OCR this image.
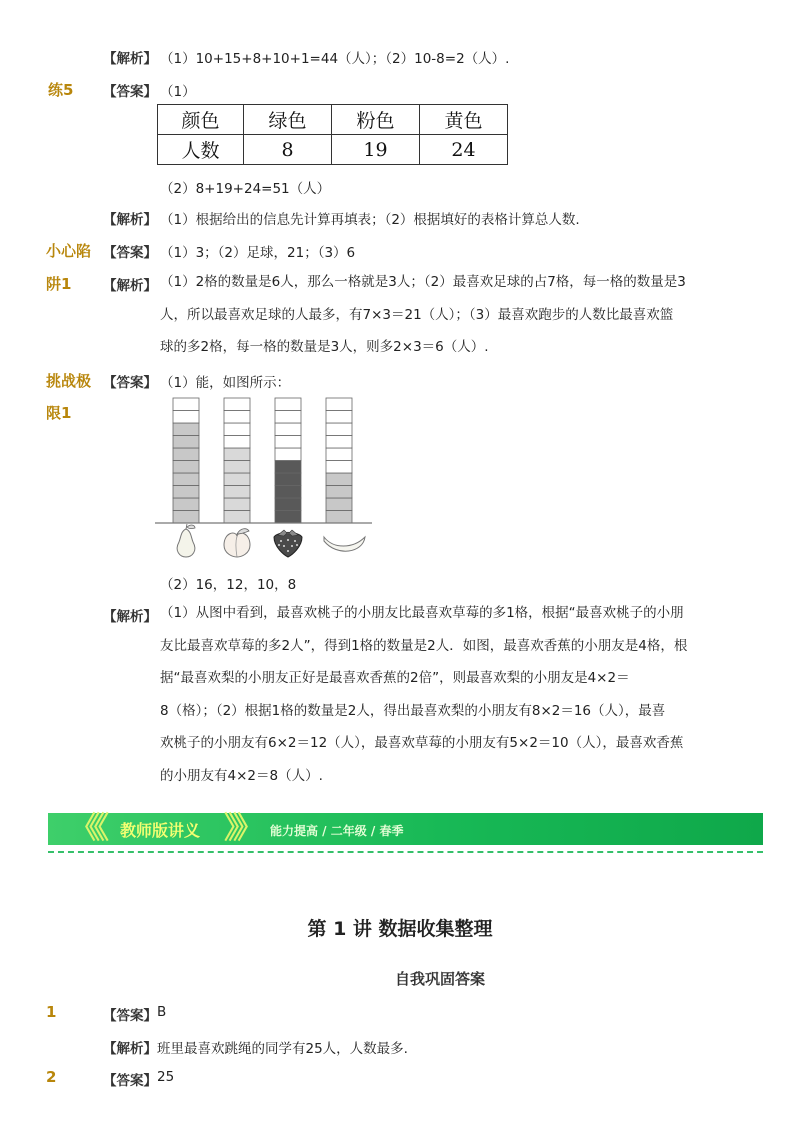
【解析】 （1）10+15+8+10+1=44（人）；（2）10-8=2（人）.
练5 【答案】 （1）
颜色	绿色	粉色	黄色
人数	8	19	24
（2）8+19+24=51（人）
【解析】 （1）根据给出的信息先计算再填表；（2）根据填好的表格计算总人数.
小心陷
阱1
【答案】 （1）3；（2）足球，21；（3）6
【解析】 （1）2格的数量是6人，那么一格就是3人；（2）最喜欢足球的占7格，每一格的数量是3
人，所以最喜欢足球的人最多，有7×3＝21（人）；（3）最喜欢跑步的人数比最喜欢篮
球的多2格，每一格的数量是3人，则多2×3＝6（人）.
挑战极
限1
【答案】 （1）能，如图所示：
（2）16，12，10，8
【解析】 （1）从图中看到，最喜欢桃子的小朋友比最喜欢草莓的多1格，根据“最喜欢桃子的小朋
友比最喜欢草莓的多2人”，得到1格的数量是2人．如图，最喜欢香蕉的小朋友是4格，根
据“最喜欢梨的小朋友正好是最喜欢香蕉的2倍”，则最喜欢梨的小朋友是4×2＝
8（格）；（2）根据1格的数量是2人，得出最喜欢梨的小朋友有8×2＝16（人），最喜
欢桃子的小朋友有6×2＝12（人），最喜欢草莓的小朋友有5×2＝10（人），最喜欢香蕉
的小朋友有4×2＝8（人）.
《《 教师版讲义 》》 能力提高 / 二年级 / 春季
第 1 讲 数据收集整理
自我巩固答案
1	【答案】 B
【解析】 班里最喜欢跳绳的同学有25人，人数最多.
2	【答案】 25
